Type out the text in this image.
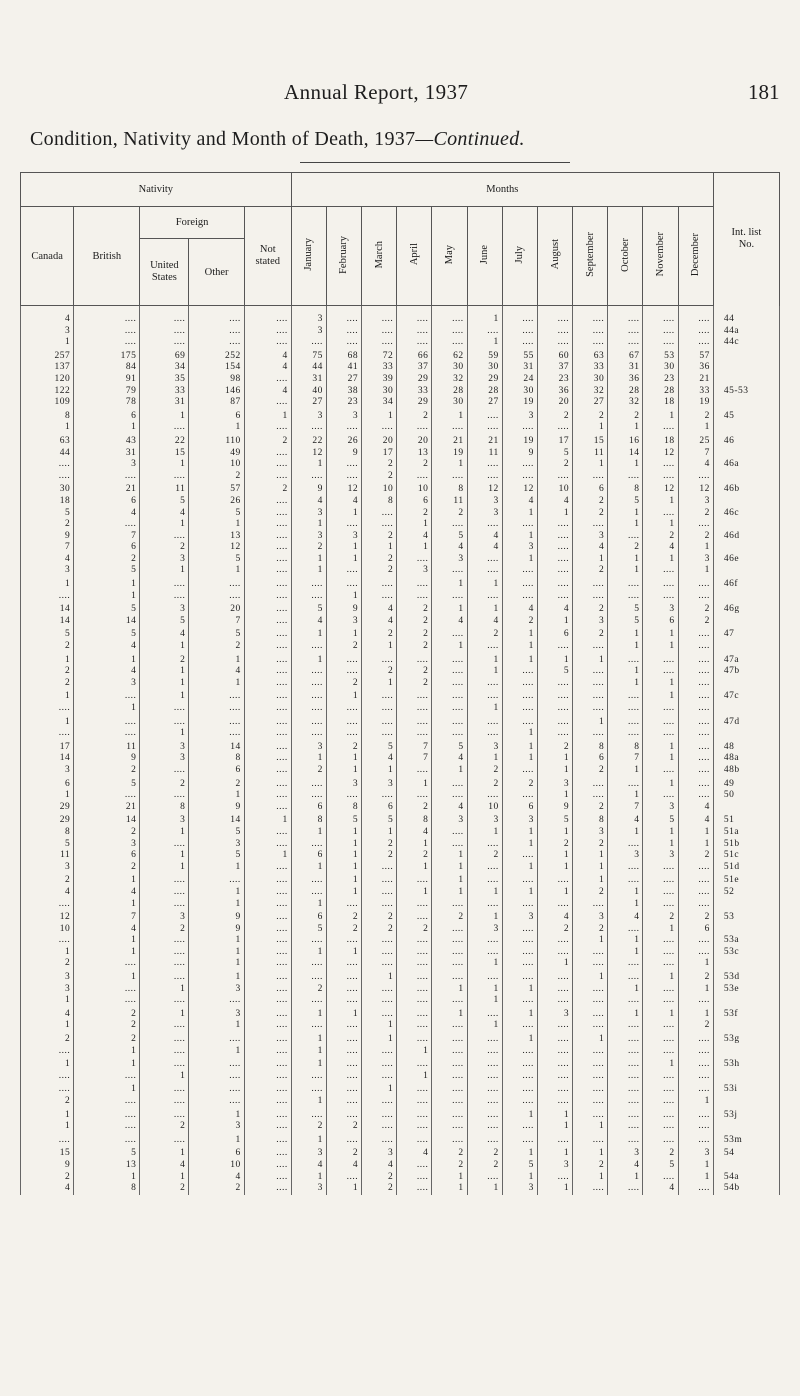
Annual Report, 1937	181
Condition, Nativity and Month of Death, 1937—Continued.
Nativity					Months												Int. list No.
Canada	British	Foreign		Not stated	January	February	March	April	May	June	July	August	September	October	November	December	
		United States	Other														

4	....	....	....	....	3	....	....	....	....	1	....	....	....	....	....	....	44
3	....	....	....	....	3	....	....	....	....	....	....	....	....	....	....	....	44a
1	....	....	....	....	....	....	....	....	....	1	....	....	....	....	....	....	44c

257	175	69	252	4	75	68	72	66	62	59	55	60	63	67	53	57	
137	84	34	154	4	44	41	33	37	30	30	31	37	33	31	30	36	
120	91	35	98	....	31	27	39	29	32	29	24	23	30	36	23	21	
122	79	33	146	4	40	38	30	33	28	28	30	36	32	28	28	33	45-53
109	78	31	87	....	27	23	34	29	30	27	19	20	27	32	18	19	

8	6	1	6	1	3	3	1	2	1	....	3	2	2	2	1	2	45
1	1	....	1	....	....	....	....	....	....	....	....	....	1	1	....	1	

63	43	22	110	2	22	26	20	20	21	21	19	17	15	16	18	25	46
44	31	15	49	....	12	9	17	13	19	11	9	5	11	14	12	7	
....	3	1	10	....	1	....	2	2	1	....	....	2	1	1	....	4	46a
....	....	....	2	....	....	....	2	....	....	....	....	....	....	....	....	....	

30	21	11	57	2	9	12	10	10	8	12	12	10	6	8	12	12	46b
18	6	5	26	....	4	4	8	6	11	3	4	4	2	5	1	3	
5	4	4	5	....	3	1	....	2	2	3	1	1	2	1	....	2	46c
2	....	1	1	....	1	....	....	1	....	....	....	....	....	1	1	....	
9	7	....	13	....	3	3	2	4	5	4	1	....	3	....	2	2	46d
7	6	2	12	....	2	1	1	1	4	4	3	....	4	2	4	1	
4	2	3	5	....	1	1	2	....	3	....	1	....	1	1	1	3	46e
3	5	1	1	....	1	....	2	3	....	....	....	....	2	1	....	1	

1	1	....	....	....	....	....	....	....	1	1	....	....	....	....	....	....	46f
....	1	....	....	....	....	1	....	....	....	....	....	....	....	....	....	....	

14	5	3	20	....	5	9	4	2	1	1	4	4	2	5	3	2	46g
14	14	5	7	....	4	3	4	2	4	4	2	1	3	5	6	2	

5	5	4	5	....	1	1	2	2	....	2	1	6	2	1	1	....	47
2	4	1	2	....	....	2	1	2	1	....	1	....	....	1	1	....	

1	1	2	1	....	1	....	....	....	....	1	1	1	1	....	....	....	47a
2	4	1	4	....	....	....	2	2	....	1	....	5	....	1	....	....	47b
2	3	1	1	....	....	2	1	2	....	....	....	....	....	1	1	....	

1	....	1	....	....	....	1	....	....	....	....	....	....	....	....	1	....	47c
....	1	....	....	....	....	....	....	....	....	1	....	....	....	....	....	....	

1	....	....	....	....	....	....	....	....	....	....	....	....	1	....	....	....	47d
....	....	1	....	....	....	....	....	....	....	....	1	....	....	....	....	....	

17	11	3	14	....	3	2	5	7	5	3	1	2	8	8	1	....	48
14	9	3	8	....	1	1	4	7	4	1	1	1	6	7	1	....	48a
3	2	....	6	....	2	1	1	....	1	2	....	1	2	1	....	....	48b

6	5	2	2	....	....	3	3	1	....	2	2	3	....	....	1	....	49
1	....	....	1	....	....	....	....	....	....	....	....	1	....	1	....	....	50
29	21	8	9	....	6	8	6	2	4	10	6	9	2	7	3	4	

29	14	3	14	1	8	5	5	8	3	3	3	5	8	4	5	4	51
8	2	1	5	....	1	1	1	4	....	1	1	1	3	1	1	1	51a
5	3	....	3	....	....	1	2	1	....	....	1	2	2	....	1	1	51b
11	6	1	5	1	6	1	2	2	1	2	....	1	1	3	3	2	51c
3	2	1	1	....	1	1	....	1	1	....	1	1	1	....	....	....	51d

2	1	....	....	....	....	1	....	....	1	....	....	....	1	....	....	....	51e
4	4	....	1	....	....	1	....	1	1	1	1	1	2	1	....	....	52
....	1	....	1	....	1	....	....	....	....	....	....	....	....	1	....	....	

12	7	3	9	....	6	2	2	....	2	1	3	4	3	4	2	2	53
10	4	2	9	....	5	2	2	2	....	3	....	2	2	....	1	6	
....	1	....	1	....	....	....	....	....	....	....	....	....	1	1	....	....	53a
1	1	....	1	....	1	1	....	....	....	....	....	....	....	1	....	....	53c
2	....	....	1	....	....	....	....	....	....	1	....	1	....	....	....	1	

3	1	....	1	....	....	....	1	....	....	....	....	....	1	....	1	2	53d
3	....	1	3	....	2	....	....	....	1	1	1	....	....	1	....	1	53e
1	....	....	....	....	....	....	....	....	....	1	....	....	....	....	....	....	

4	2	1	3	....	1	1	....	....	1	....	1	3	....	1	1	1	53f
1	2	....	1	....	....	....	1	....	....	1	....	....	....	....	....	2	

2	2	....	....	....	1	....	1	....	....	....	1	....	1	....	....	....	53g
....	1	....	1	....	1	....	....	1	....	....	....	....	....	....	....	....	

1	1	....	....	....	1	....	....	....	....	....	....	....	....	....	1	....	53h
....	....	1	....	....	....	....	....	1	....	....	....	....	....	....	....	....	

....	1	....	....	....	....	....	1	....	....	....	....	....	....	....	....	....	53i
2	....	....	....	....	1	....	....	....	....	....	....	....	....	....	....	1	

1	....	....	1	....	....	....	....	....	....	....	1	1	....	....	....	....	53j
1	....	2	3	....	2	2	....	....	....	....	....	1	1	....	....	....	

....	....	....	1	....	1	....	....	....	....	....	....	....	....	....	....	....	53m

15	5	1	6	....	3	2	3	4	2	2	1	1	1	3	2	3	54
9	13	4	10	....	4	4	4	....	2	2	5	3	2	4	5	1	
2	1	1	4	....	1	....	2	....	1	....	1	....	1	1	....	1	54a
4	8	2	2	....	3	1	2	....	1	1	3	1	....	....	4	....	54b
